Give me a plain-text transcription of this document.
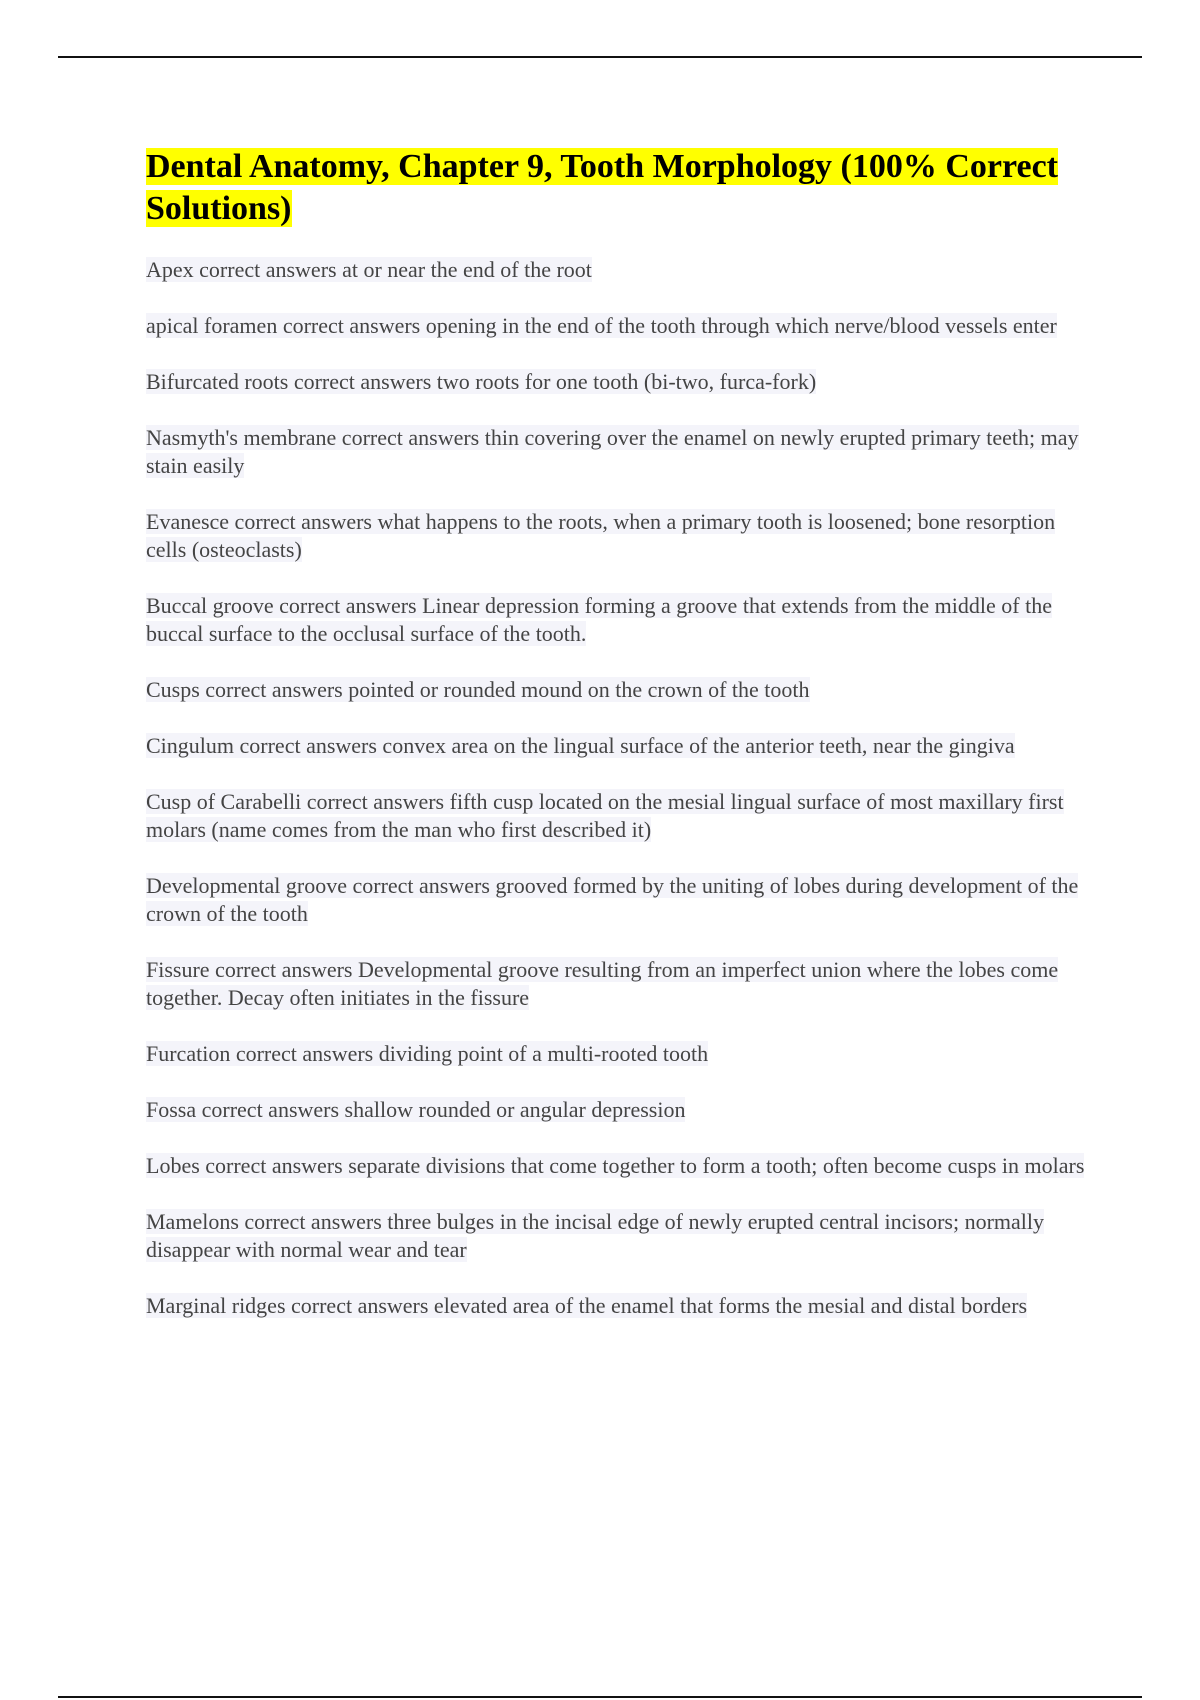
Dental Anatomy, Chapter 9, Tooth Morphology (100% Correct Solutions)
Apex correct answers at or near the end of the root
apical foramen correct answers opening in the end of the tooth through which nerve/blood vessels enter
Bifurcated roots correct answers two roots for one tooth (bi-two, furca-fork)
Nasmyth's membrane correct answers thin covering over the enamel on newly erupted primary teeth; may stain easily
Evanesce correct answers what happens to the roots, when a primary tooth is loosened; bone resorption cells (osteoclasts)
Buccal groove correct answers Linear depression forming a groove that extends from the middle of the buccal surface to the occlusal surface of the tooth.
Cusps correct answers pointed or rounded mound on the crown of the tooth
Cingulum correct answers convex area on the lingual surface of the anterior teeth, near the gingiva
Cusp of Carabelli correct answers fifth cusp located on the mesial lingual surface of most maxillary first molars (name comes from the man who first described it)
Developmental groove correct answers grooved formed by the uniting of lobes during development of the crown of the tooth
Fissure correct answers Developmental groove resulting from an imperfect union where the lobes come together. Decay often initiates in the fissure
Furcation correct answers dividing point of a multi-rooted tooth
Fossa correct answers shallow rounded or angular depression
Lobes correct answers separate divisions that come together to form a tooth; often become cusps in molars
Mamelons correct answers three bulges in the incisal edge of newly erupted central incisors; normally disappear with normal wear and tear
Marginal ridges correct answers elevated area of the enamel that forms the mesial and distal borders
